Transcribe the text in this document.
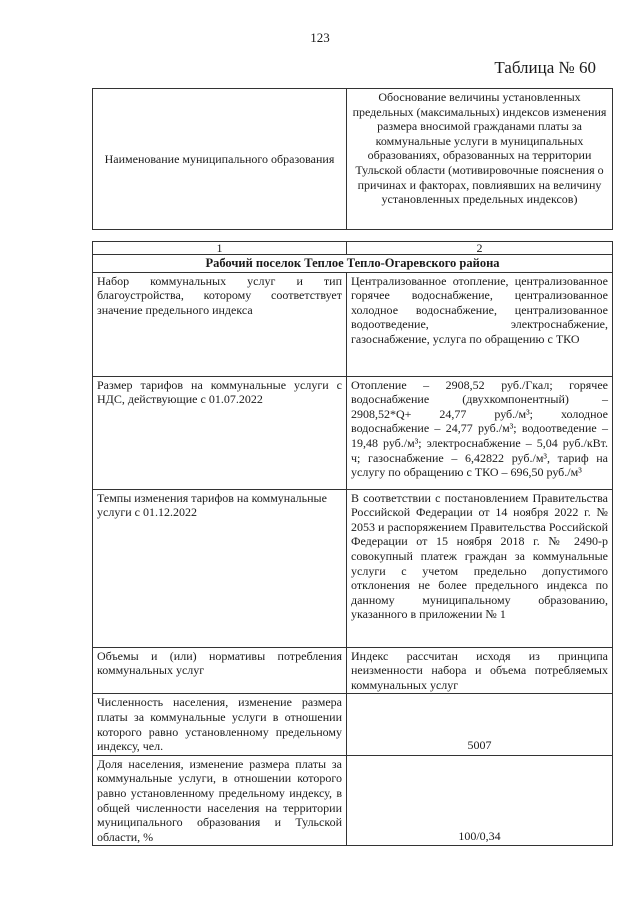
123
Таблица № 60
Наименование муниципального образования	Обоснование величины установленных предельных (максимальных) индексов изменения размера вносимой гражданами платы за коммунальные услуги в муниципальных образованиях, образованных на территории Тульской области (мотивировочные пояснения о причинах и факторах, повлиявших на величину установленных предельных индексов)
1	2
Рабочий поселок Теплое Тепло-Огаревского района	
Набор коммунальных услуг и тип благоустройства, которому соответствует значение предельного индекса	Централизованное отопление, централизованное горячее водоснабжение, централизованное холодное водоснабжение, централизованное водоотведение, электроснабжение, газоснабжение, услуга по обращению с ТКО
Размер тарифов на коммунальные услуги с НДС, действующие с 01.07.2022	Отопление – 2908,52 руб./Гкал; горячее водоснабжение (двухкомпонентный) – 2908,52*Q+ 24,77 руб./м³; холодное водоснабжение – 24,77 руб./м³; водоотведение – 19,48 руб./м³; электроснабжение – 5,04 руб./кВт. ч; газоснабжение – 6,42822 руб./м³, тариф на услугу по обращению с ТКО – 696,50 руб./м³
Темпы изменения тарифов на коммунальные услуги с 01.12.2022	В соответствии с постановлением Правительства Российской Федерации от 14 ноября 2022 г. № 2053 и распоряжением Правительства Российской Федерации от 15 ноября 2018 г. № 2490-р совокупный платеж граждан за коммунальные услуги с учетом предельно допустимого отклонения не более предельного индекса по данному муниципальному образованию, указанного в приложении № 1
Объемы и (или) нормативы потребления коммунальных услуг	Индекс рассчитан исходя из принципа неизменности набора и объема потребляемых коммунальных услуг
Численность населения, изменение размера платы за коммунальные услуги в отношении которого равно установленному предельному индексу, чел.	5007
Доля населения, изменение размера платы за коммунальные услуги, в отношении которого равно установленному предельному индексу, в общей численности населения на территории муниципального образования и Тульской области, %	100/0,34
